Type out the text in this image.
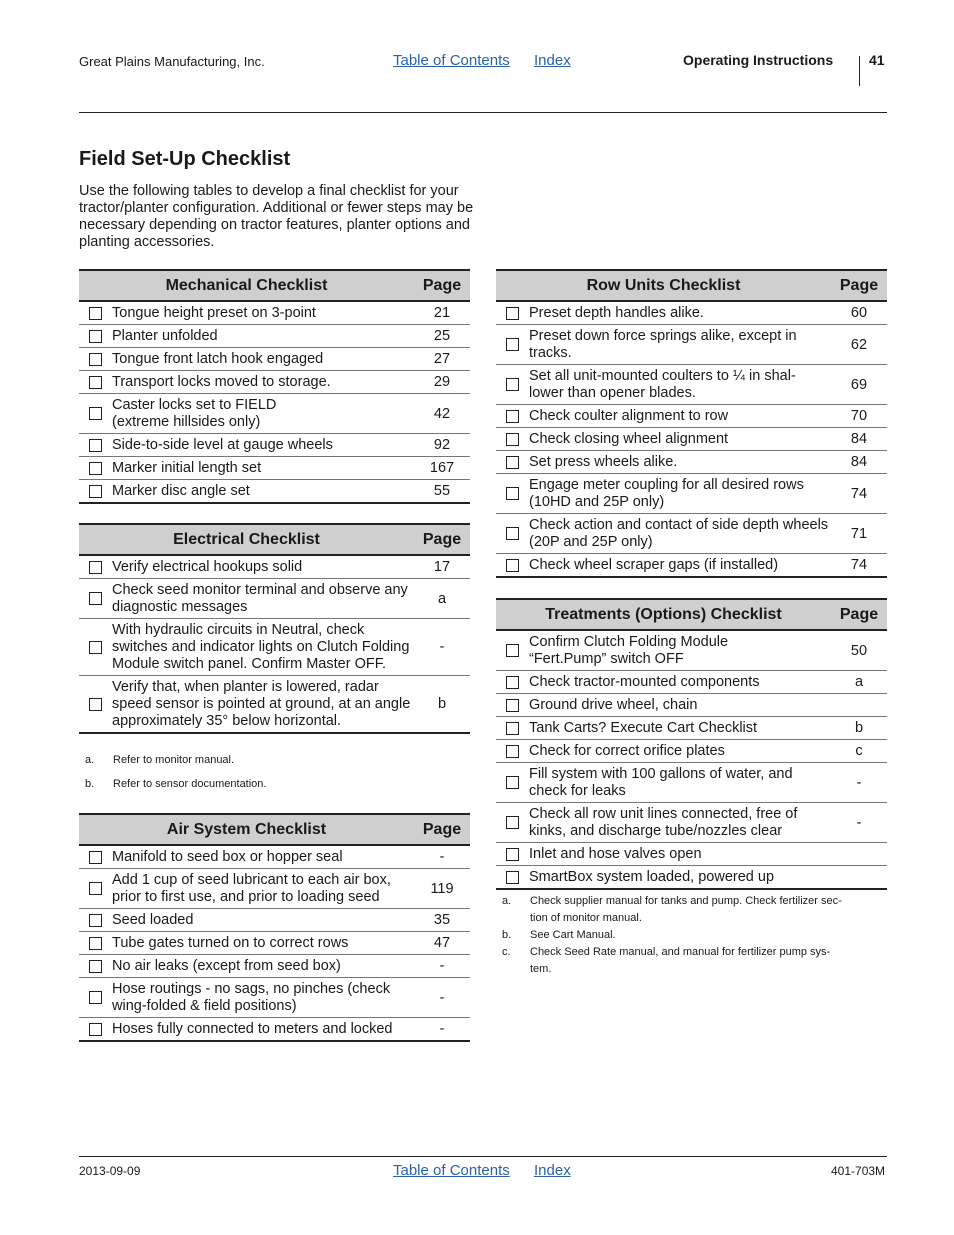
Great Plains Manufacturing, Inc.	Table of Contents Index	Operating Instructions	41
Field Set-Up Checklist
Use the following tables to develop a final checklist for your tractor/planter configuration. Additional or fewer steps may be necessary depending on tractor features, planter options and planting accessories.
Mechanical Checklist		Page
	Tongue height preset on 3-point	21
	Planter unfolded	25
	Tongue front latch hook engaged	27
	Transport locks moved to storage.	29
	Caster locks set to FIELD
(extreme hillsides only)	42
	Side-to-side level at gauge wheels	92
	Marker initial length set	167
	Marker disc angle set	55
Electrical Checklist		Page
	Verify electrical hookups solid	17
	Check seed monitor terminal and observe any diagnostic messages	a
	With hydraulic circuits in Neutral, check switches and indicator lights on Clutch Folding Module switch panel. Confirm Master OFF.	-
	Verify that, when planter is lowered, radar speed sensor is pointed at ground, at an angle approximately 35° below horizontal.	b
a. Refer to monitor manual.
b. Refer to sensor documentation.
Air System Checklist		Page
	Manifold to seed box or hopper seal	-
	Add 1 cup of seed lubricant to each air box, prior to first use, and prior to loading seed	119
	Seed loaded	35
	Tube gates turned on to correct rows	47
	No air leaks (except from seed box)	-
	Hose routings - no sags, no pinches (check wing-folded & field positions)	-
	Hoses fully connected to meters and locked	-
Row Units Checklist		Page
	Preset depth handles alike.	60
	Preset down force springs alike, except in tracks.	62
	Set all unit-mounted coulters to ¼ in shal-
lower than opener blades.	69
	Check coulter alignment to row	70
	Check closing wheel alignment	84
	Set press wheels alike.	84
	Engage meter coupling for all desired rows (10HD and 25P only)	74
	Check action and contact of side depth wheels (20P and 25P only)	71
	Check wheel scraper gaps (if installed)	74
Treatments (Options) Checklist		Page
	Confirm Clutch Folding Module
“Fert.Pump” switch OFF	50
	Check tractor-mounted components	a
	Ground drive wheel, chain	
	Tank Carts? Execute Cart Checklist	b
	Check for correct orifice plates	c
	Fill system with 100 gallons of water, and check for leaks	-
	Check all row unit lines connected, free of kinks, and discharge tube/nozzles clear	-
	Inlet and hose valves open	
	SmartBox system loaded, powered up	
a. Check supplier manual for tanks and pump. Check fertilizer sec-
tion of monitor manual.
b. See Cart Manual.
c. Check Seed Rate manual, and manual for fertilizer pump sys-
tem.
2013-09-09	Table of Contents Index	401-703M
